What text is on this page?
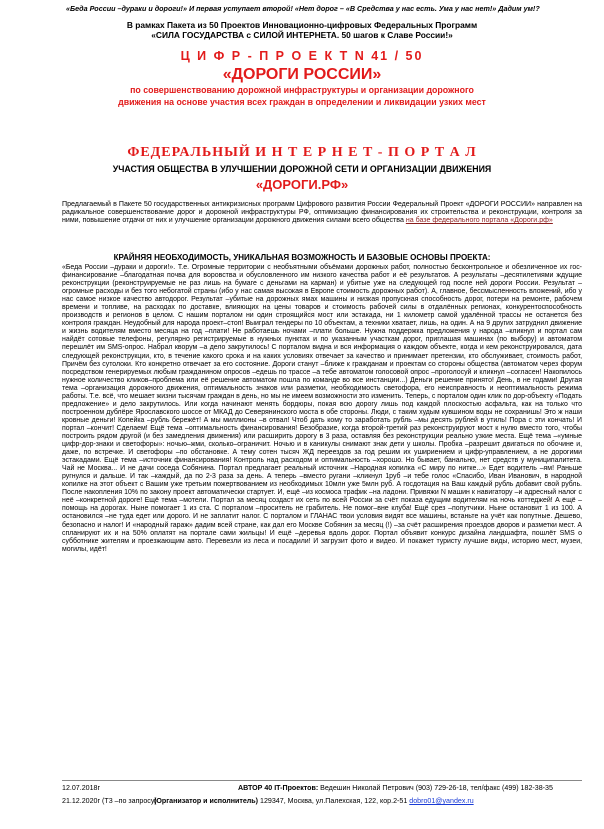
«Беда России –дураки и дороги!» И первая уступает второй! «Нет дорог – «В Средства у нас есть. Ума у нас нет!» Дадим ум!?
В рамках Пакета из 50 Проектов Инновационно-цифровых Федеральных Программ
«СИЛА ГОСУДАРСТВА с СИЛОЙ ИНТЕРНЕТА. 50 шагов к Славе России!»
Ц И Ф Р - П Р О Е К Т N 41 / 50
«ДОРОГИ РОССИИ»
по совершенствованию дорожной инфраструктуры и организации дорожного
движения на основе участия всех граждан в определении и ликвидации узких мест
ФЕДЕРАЛЬНЫЙ И Н Т Е Р Н Е Т - П О Р Т А Л
УЧАСТИЯ ОБЩЕСТВА В УЛУЧШЕНИИ ДОРОЖНОЙ СЕТИ И ОРГАНИЗАЦИИ ДВИЖЕНИЯ
«ДОРОГИ.РФ»

Предлагаемый в Пакете 50 государственных антикризисных программ Цифрового развития России Федеральный Проект «ДОРОГИ РОССИИ» направлен на радикальное совершенствование дорог и дорожной инфраструктуры РФ, оптимизацию финансирования их строительства и реконструкции, контроля за ними, повышение отдачи от них и улучшение организации дорожного движения силами всего общества на базе федерального портала «Дороги.рф»

КРАЙНЯЯ НЕОБХОДИМОСТЬ, УНИКАЛЬНАЯ ВОЗМОЖНОСТЬ И БАЗОВЫЕ ОСНОВЫ ПРОЕКТА:

«Беда России –дураки и дороги!». Т.е. Огромные территории с необъятными объёмами дорожных работ, полностью бесконтрольное и обезличенное их гос-финансирование –благодатная почва для воровства и обусловленного им низкого качества работ и её результатов. А результаты –десятилетиями ждущие реконструкции (реконструируемые не раз лишь на бумаге с деньгами на карман) и убитые уже на следующей год после ней дороги России. Результат –огромные расходы и без того небогатой страны (ибо у нас самая высокая в Европе стоимость дорожных работ). А, главное, бессмысленность вложений, ибо у нас самое низкое качество автодорог. Результат –убитые на дорожных ямах машины и низкая пропускная способность дорог, потери на ремонте, рабочем времени и топливе, на расходах по доставке, влияющих на цены товаров и стоимость рабочей силы в отдалённых регионах, конкурентоспособность производств и регионов в целом. С нашим порталом ни один строящийся мост или эстакада, ни 1 километр самой удалённой трассы не останется без контроля граждан. Неудобный для народа проект–стоп! Выиграл тендеры по 10 объектам, а техники хватает, лишь, на один. А на 9 других затруднил движение и жизнь водителям вместо месяца на год –плати! Не работаешь ночами –плати больше. Нужна поддержка предложения у народа –кликнул и портал сам найдёт сотовые телефоны, регулярно регистрируемые в нужных пунктах и по указанным участкам дорог, приглашая машинах (по выбору) и автоматом перешлёт им SMS-опрос. Набрал кворум –а дело закрутилось! С порталом видна и вся информация о каждом объекте, когда и кем реконструировался, дата следующей реконструкции, кто, в течение какого срока и на каких условиях отвечает за качество и принимает претензии, кто обслуживает, стоимость работ, Причём без сутолоки. Кто конкретно отвечает за его состояние. Дороги станут –ближе к гражданам и проектам со стороны общества (автоматом через форум посредством генерируемых любым гражданином опросов –едешь по трассе –а тебе автоматом голосовой опрос –проголосуй и кликнул –согласен! Накопилось нужное количество кликов–проблема или её решение автоматом пошла по команде во все инстанции...) Деньги решение принято! День, в не годами! Другая тема –организация дорожного движения, оптимальность знаков или разметки, необходимость светофора, его неисправность и неоптимальность режима работы. Т.е. всё, что мешает жизни тысячам граждан в день, но мы не имеем возможности это изменить. Теперь, с порталом один клик по дор-объекту «Подать предложение» и дело закрутилось. Или когда начинают менять бордюры, покая всю дорогу лишь под каждой плоскостью асфальта, как на только что построенном дублёре Ярославского шоссе от МКАД до Северянинского моста в обе стороны. Люди, с таким худым кувшином воды не сохранишь! Это ж наши кровные деньги! Копейка –рубль бережёт! А мы миллионы –в отвал! Чтоб дать кому то заработать рубль –мы десять рублей в утиль! Пора с эти кончать! И портал –кончит! Сделаем! Ещё тема –оптимальность финансирования! Безобразие, когда второй-третий раз реконструируют мост к нулю вместо того, чтобы построить рядом другой (и без замедления движения) или расширить дорогу в 3 раза, оставляя без реконструкции реально узкие места. Ещё тема –«умные цифр-дор-знаки и светофоры»: ночью–жми, сколько–ограничит. Ночью и в каникулы снимают знак дети у школы. Пробка –разрешит двигаться по обочине и, даже, по встречке. И светофоры –по обстановке. А тему сотен тысяч ЖД переездов за год решим их ушириением и цифр-управлением, а не дорогими эстакадами. Ещё тема –источник финансирования! Контроль над расходом и оптимальность –хорошо. Но бывает, банально, нет средств у муниципалитета. Чай не Москва... И не дачи соседа Собянина. Портал предлагает реальный источник –Народная копилка «С миру по нитке...» Едет водитель –ям! Раньше ругнулся и дальше. И так –каждый, да по 2-3 раза за день. А теперь –вместо ругани –кликнул 1руб –и тебе голос «Спасибо, Иван Иванович, в народной копилке на этот объект с Вашим уже третьим пожертвованием из необходимых 10млн уже 5млн руб. А госдотация на Ваш каждый рубль добавит свой рубль. После накопления 10% по закону проект автоматически стартует. И, ещё –из космоса трафик –на ладони. Привяжи N машин к навигатору –и адресный налог с неё –конкретной дороге! Ещё тема –мотели. Портал за месяц создаст их сеть по всей России за счёт показа едущим водителям на ночь коттеджей! А ещё –помощь на дорогах. Ныне помогает 1 из ста. С порталом –проситель не грабитель. Не помог–вне клуба! Ещё срез –попутчики. Ныне остановит 1 из 100. А остановился –не туда едет или дорого. И не заплатит налог. С порталом и ГЛАНАС твои условия видят все машины, встаньте на учёт как попутные. Дешево, безопасно и налог! И «народный гараж» дадим всей стране, как дал его Москве Собянин за месяц (!) –за счёт расширения проездов дворов и разметки мест. А спланируют их и на 50% оплатят на портале сами жильцы! И ещё –деревья вдоль дорог. Портал объявит конкурс дизайна ландшафта, пошлёт SMS о субботнике жителям и проезжающим авто. Перевезли из леса и посадили! И загрузит фото и видео. И покажет туристу лучшие виды, историю мест, музеи, могилы, идёт!

12.07.2018г
21.12.2020г (Т3 –по запросу)
АВТОР 40 IT-Проектов: Ведешин Николай Петрович (903) 729-26-18, тел/факс (499) 182-38-35
(Организатор и исполнитель) 129347, Москва, ул.Палехская, 122, кор.2-51 dobro01@yandex.ru
